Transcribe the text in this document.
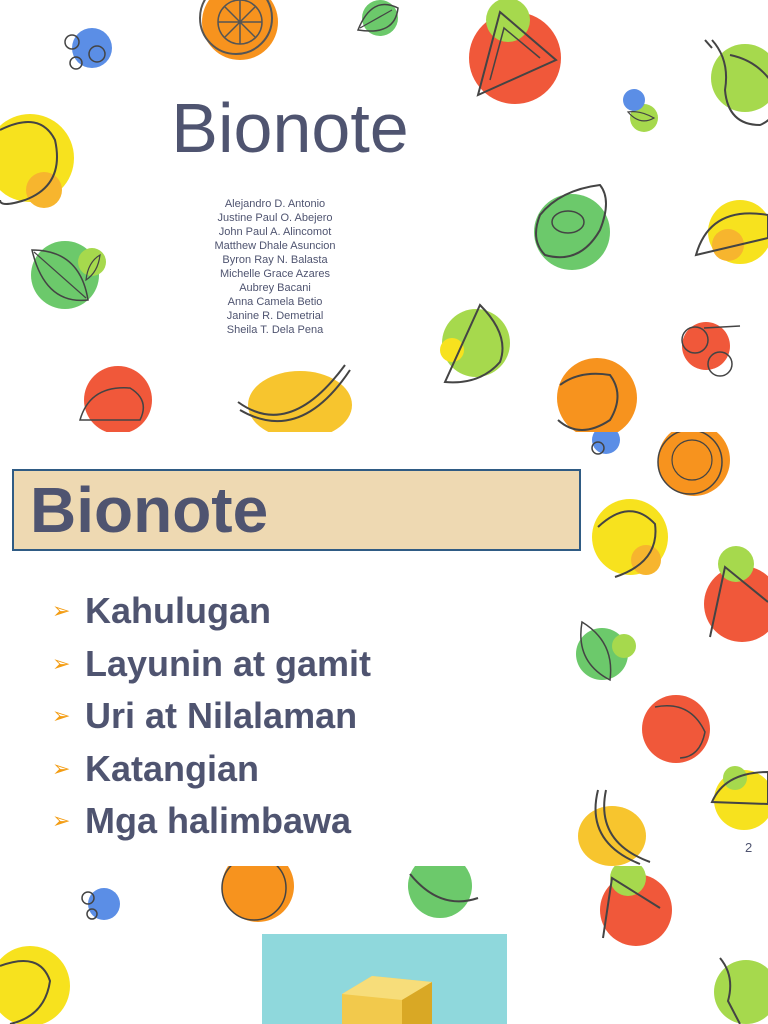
Bionote
Alejandro D. Antonio
Justine Paul O. Abejero
John Paul A. Alincomot
Matthew Dhale Asuncion
Byron Ray N. Balasta
Michelle Grace Azares
Aubrey Bacani
Anna Camela Betio
Janine R. Demetrial
Sheila T. Dela Pena
Bionote
➢ Kahulugan
➢ Layunin at gamit
➢ Uri at Nilalaman
➢ Katangian
➢ Mga halimbawa
2
